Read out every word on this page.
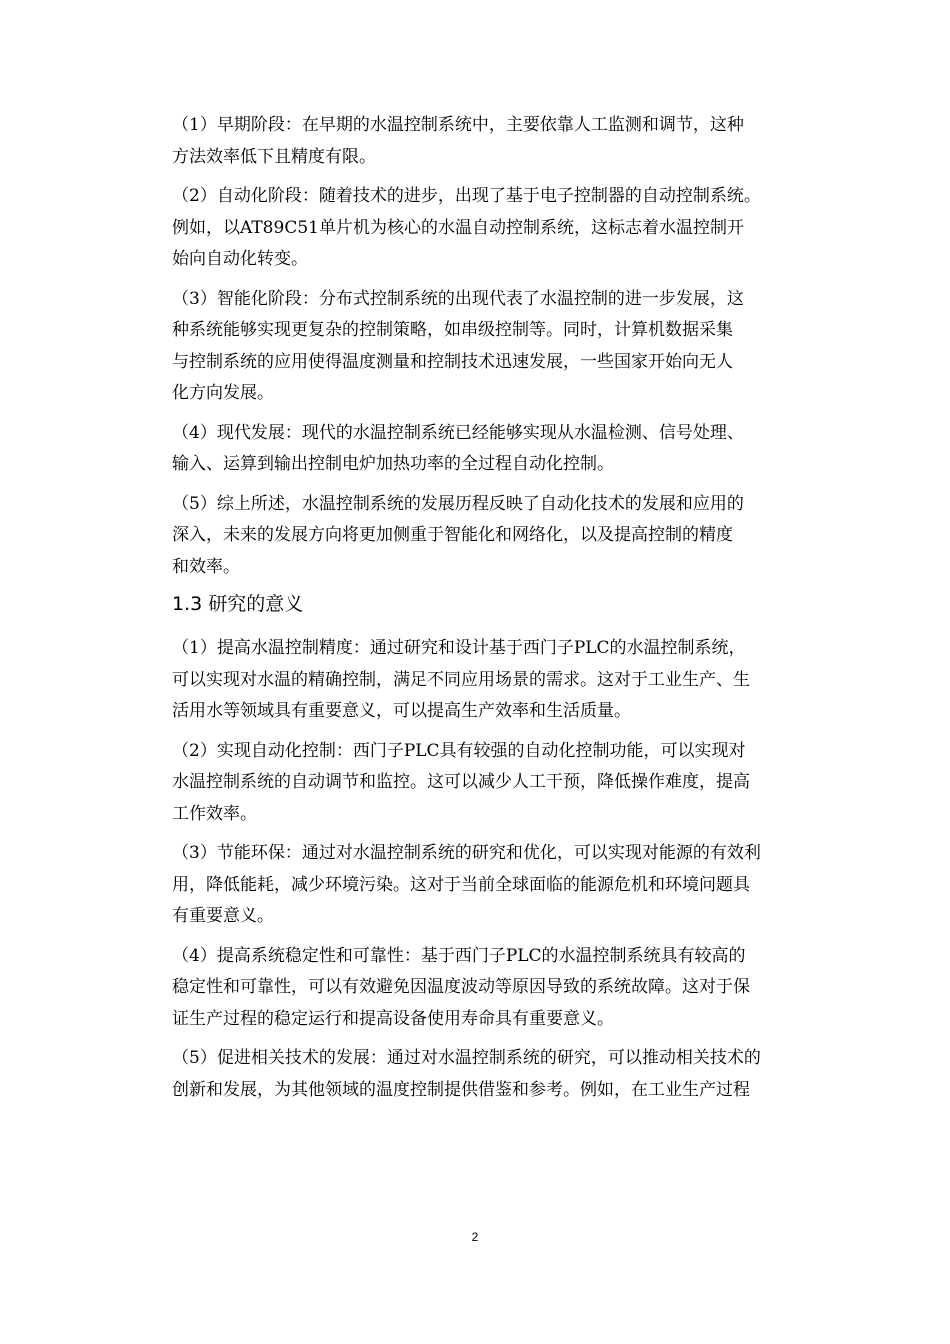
（1）早期阶段：在早期的水温控制系统中，主要依靠人工监测和调节，这种
方法效率低下且精度有限。

（2）自动化阶段：随着技术的进步，出现了基于电子控制器的自动控制系统。
例如，以AT89C51单片机为核心的水温自动控制系统，这标志着水温控制开
始向自动化转变。

（3）智能化阶段：分布式控制系统的出现代表了水温控制的进一步发展，这
种系统能够实现更复杂的控制策略，如串级控制等。同时，计算机数据采集
与控制系统的应用使得温度测量和控制技术迅速发展，一些国家开始向无人
化方向发展。

（4）现代发展：现代的水温控制系统已经能够实现从水温检测、信号处理、
输入、运算到输出控制电炉加热功率的全过程自动化控制。

（5）综上所述，水温控制系统的发展历程反映了自动化技术的发展和应用的
深入，未来的发展方向将更加侧重于智能化和网络化，以及提高控制的精度
和效率。

1.3 研究的意义

（1）提高水温控制精度：通过研究和设计基于西门子PLC的水温控制系统，
可以实现对水温的精确控制，满足不同应用场景的需求。这对于工业生产、生
活用水等领域具有重要意义，可以提高生产效率和生活质量。

（2）实现自动化控制：西门子PLC具有较强的自动化控制功能，可以实现对
水温控制系统的自动调节和监控。这可以减少人工干预，降低操作难度，提高
工作效率。

（3）节能环保：通过对水温控制系统的研究和优化，可以实现对能源的有效利
用，降低能耗，减少环境污染。这对于当前全球面临的能源危机和环境问题具
有重要意义。

（4）提高系统稳定性和可靠性：基于西门子PLC的水温控制系统具有较高的
稳定性和可靠性，可以有效避免因温度波动等原因导致的系统故障。这对于保
证生产过程的稳定运行和提高设备使用寿命具有重要意义。

（5）促进相关技术的发展：通过对水温控制系统的研究，可以推动相关技术的
创新和发展，为其他领域的温度控制提供借鉴和参考。例如，在工业生产过程

2
